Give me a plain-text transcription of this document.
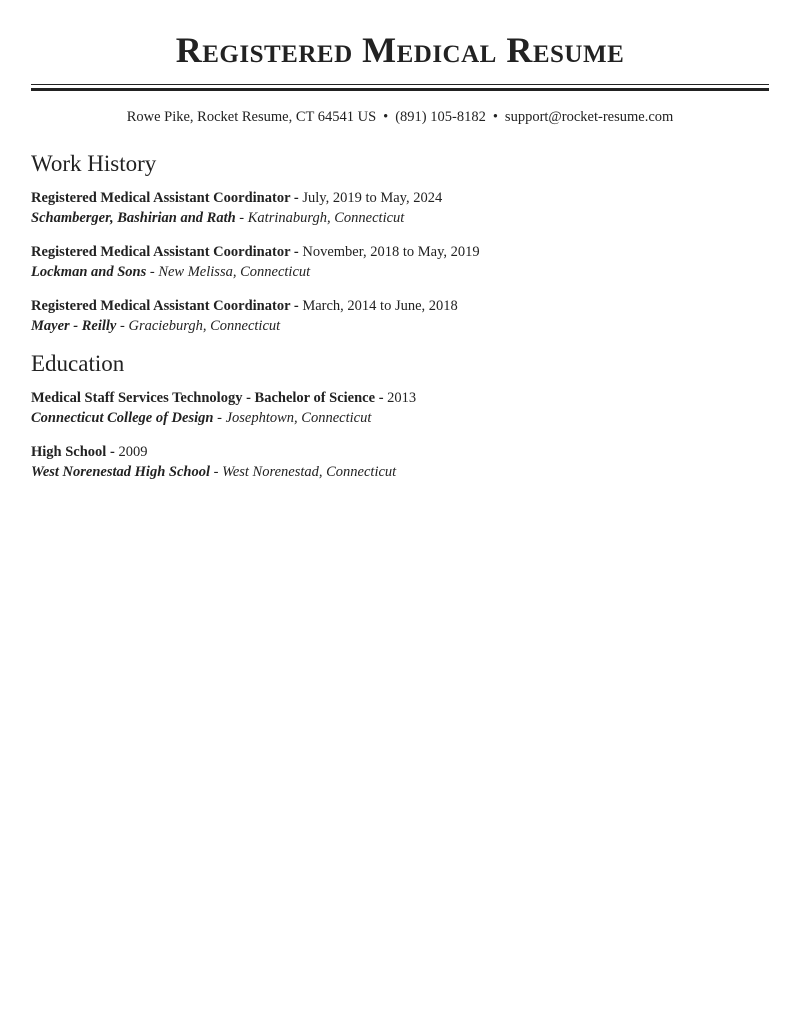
Registered Medical Resume
Rowe Pike, Rocket Resume, CT 64541 US • (891) 105-8182 • support@rocket-resume.com
Work History
Registered Medical Assistant Coordinator - July, 2019 to May, 2024
Schamberger, Bashirian and Rath - Katrinaburgh, Connecticut
Registered Medical Assistant Coordinator - November, 2018 to May, 2019
Lockman and Sons - New Melissa, Connecticut
Registered Medical Assistant Coordinator - March, 2014 to June, 2018
Mayer - Reilly - Gracieburgh, Connecticut
Education
Medical Staff Services Technology - Bachelor of Science - 2013
Connecticut College of Design - Josephtown, Connecticut
High School - 2009
West Norenestad High School - West Norenestad, Connecticut
